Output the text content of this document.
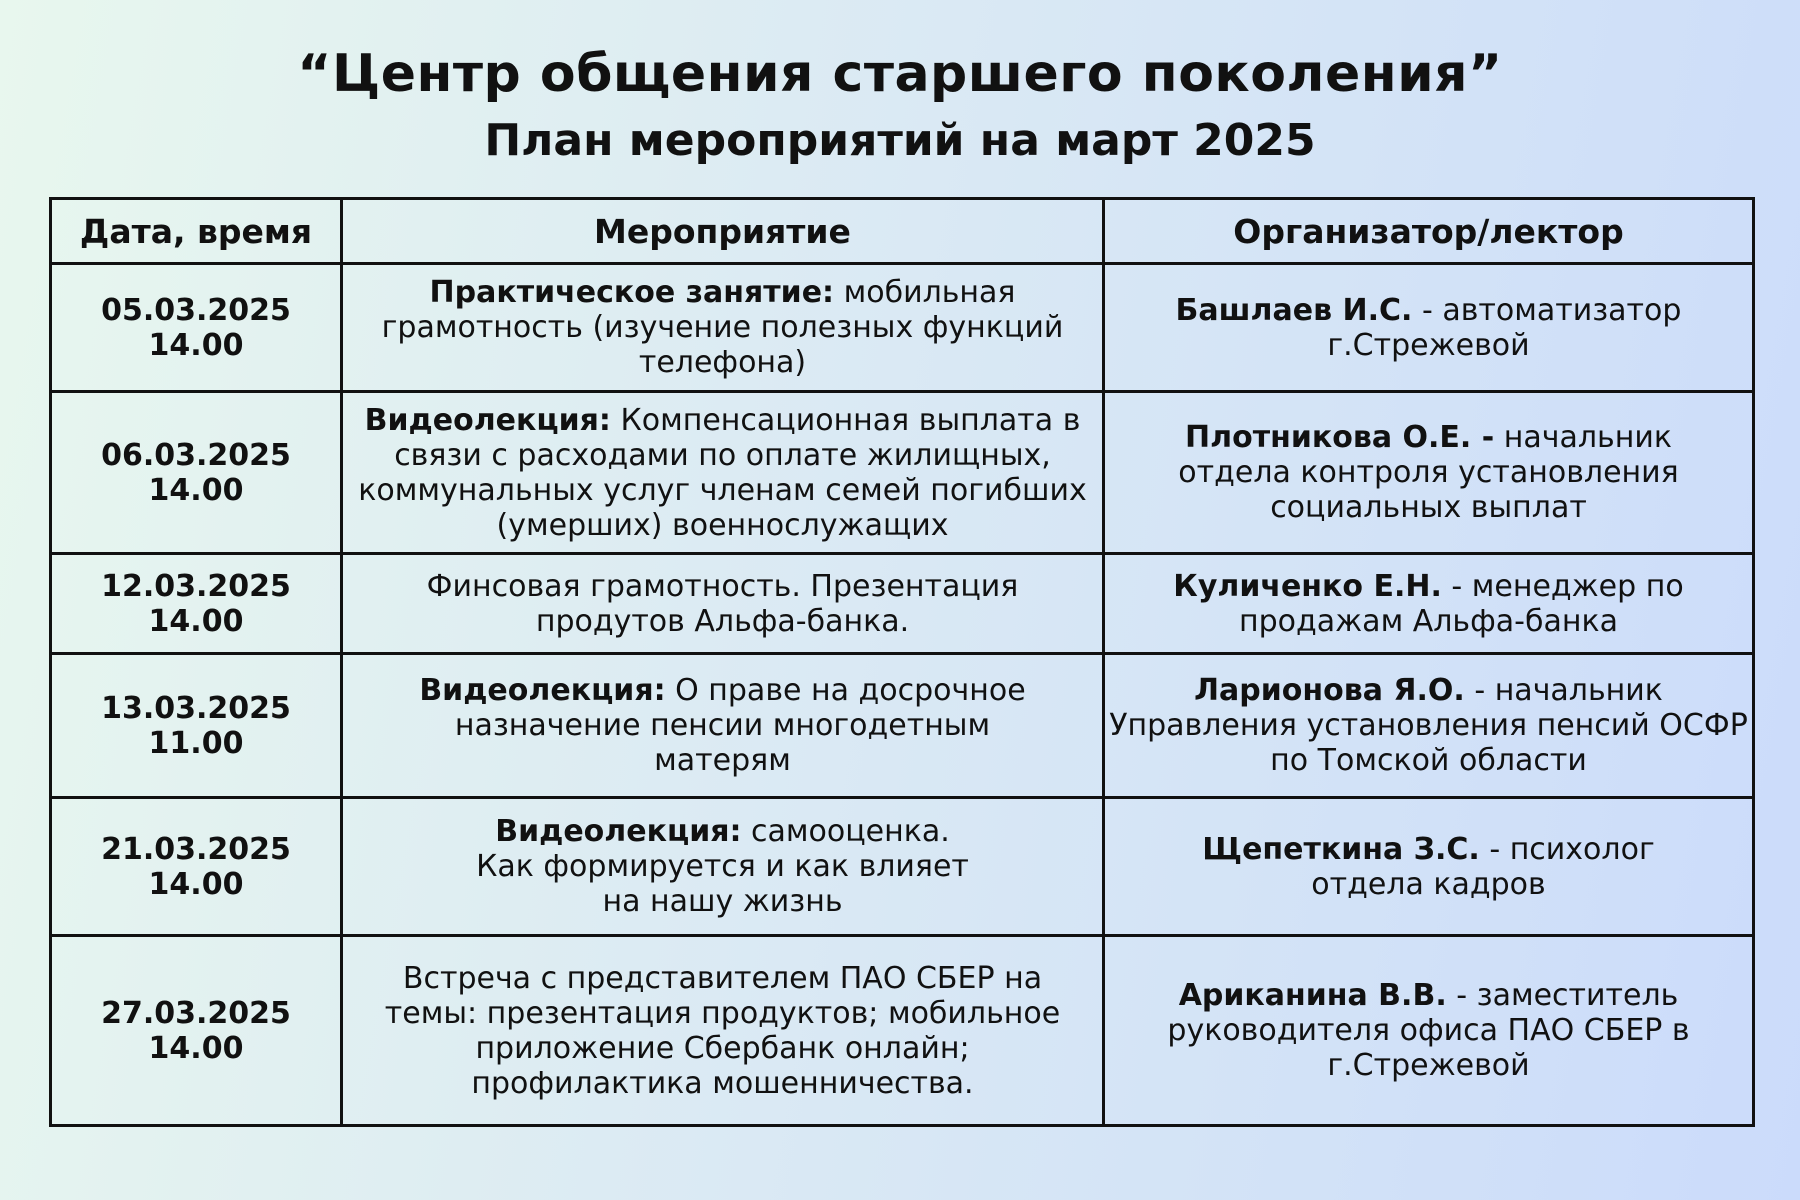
“Центр общения старшего поколения”
План мероприятий на март 2025
Дата, время	Мероприятие	Организатор/лектор

05.03.2025
14.00	Практическое занятие: мобильная грамотность (изучение полезных функций телефона)	Башлаев И.С. - автоматизатор г.Стрежевой

06.03.2025
14.00	Видеолекция: Компенсационная выплата в связи с расходами по оплате жилищных, коммунальных услуг членам семей погибших (умерших) военнослужащих	Плотникова О.Е. - начальник отдела контроля установления социальных выплат

12.03.2025
14.00	Финсовая грамотность. Презентация продутов Альфа-банка.	Куличенко Е.Н. - менеджер по продажам Альфа-банка

13.03.2025
11.00	Видеолекция: О праве на досрочное назначение пенсии многодетным матерям	Ларионова Я.О. - начальник Управления установления пенсий ОСФР по Томской области

21.03.2025
14.00	Видеолекция: самооценка. Как формируется и как влияет на нашу жизнь	Щепеткина З.С. - психолог отдела кадров

27.03.2025
14.00	Встреча с представителем ПАО СБЕР на темы: презентация продуктов; мобильное приложение Сбербанк онлайн; профилактика мошенничества.	Ариканина В.В. - заместитель руководителя офиса ПАО СБЕР в г.Стрежевой
